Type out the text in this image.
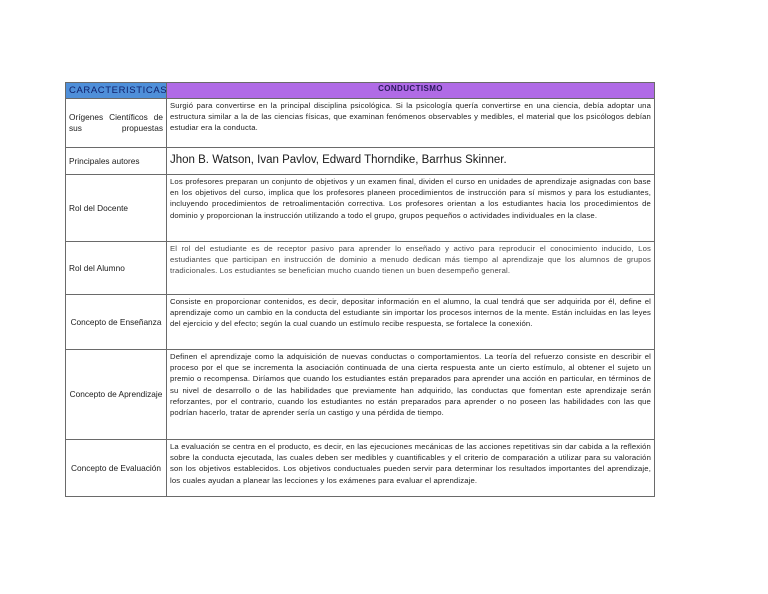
CARACTERISTICAS	CONDUCTISMO
Orígenes Científicos de sus propuestas	Surgió para convertirse en la principal disciplina psicológica. Si la psicología quería convertirse en una ciencia, debía adoptar una estructura similar a la de las ciencias físicas, que examinan fenómenos observables y medibles, el material que los psicólogos debían estudiar era la conducta.
Principales autores	Jhon B. Watson, Ivan Pavlov, Edward Thorndike, Barrhus Skinner.
Rol del Docente	Los profesores preparan un conjunto de objetivos y un examen final, dividen el curso en unidades de aprendizaje asignadas con base en los objetivos del curso, implica que los profesores planeen procedimientos de instrucción para sí mismos y para los estudiantes, incluyendo procedimientos de retroalimentación correctiva. Los profesores orientan a los estudiantes hacia los procedimientos de dominio y proporcionan la instrucción utilizando a todo el grupo, grupos pequeños o actividades individuales en la clase.
Rol del Alumno	El rol del estudiante es de receptor pasivo para aprender lo enseñado y activo para reproducir el conocimiento inducido, Los estudiantes que participan en instrucción de dominio a menudo dedican más tiempo al aprendizaje que los alumnos de grupos tradicionales. Los estudiantes se benefician mucho cuando tienen un buen desempeño general.
Concepto de Enseñanza	Consiste en proporcionar contenidos, es decir, depositar información en el alumno, la cual tendrá que ser adquirida por él, define el aprendizaje como un cambio en la conducta del estudiante sin importar los procesos internos de la mente. Están incluidas en las leyes del ejercicio y del efecto; según la cual cuando un estímulo recibe respuesta, se fortalece la conexión.
Concepto de Aprendizaje	Definen el aprendizaje como la adquisición de nuevas conductas o comportamientos. La teoría del refuerzo consiste en describir el proceso por el que se incrementa la asociación continuada de una cierta respuesta ante un cierto estímulo, al obtener el sujeto un premio o recompensa. Diríamos que cuando los estudiantes están preparados para aprender una acción en particular, en términos de su nivel de desarrollo o de las habilidades que previamente han adquirido, las conductas que fomentan este aprendizaje serán reforzantes, por el contrario, cuando los estudiantes no están preparados para aprender o no poseen las habilidades con las que podrían hacerlo, tratar de aprender sería un castigo y una pérdida de tiempo.
Concepto de Evaluación	La evaluación se centra en el producto, es decir, en las ejecuciones mecánicas de las acciones repetitivas sin dar cabida a la reflexión sobre la conducta ejecutada, las cuales deben ser medibles y cuantificables y el criterio de comparación a utilizar para su valoración son los objetivos establecidos. Los objetivos conductuales pueden servir para determinar los resultados importantes del aprendizaje, los cuales ayudan a planear las lecciones y los exámenes para evaluar el aprendizaje.
